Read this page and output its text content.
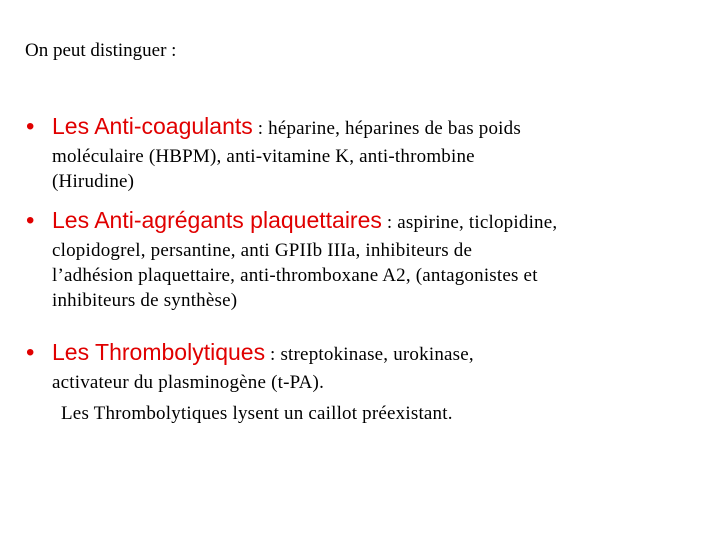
On peut distinguer :
• Les Anti-coagulants : héparine, héparines de bas poids
moléculaire (HBPM), anti-vitamine K, anti-thrombine
(Hirudine)
• Les Anti-agrégants plaquettaires : aspirine, ticlopidine,
clopidogrel, persantine, anti GPIIb IIIa, inhibiteurs de
l’adhésion plaquettaire, anti-thromboxane A2, (antagonistes et
inhibiteurs de synthèse)
• Les Thrombolytiques : streptokinase, urokinase,
activateur du plasminogène (t-PA).
Les Thrombolytiques lysent un caillot préexistant.
